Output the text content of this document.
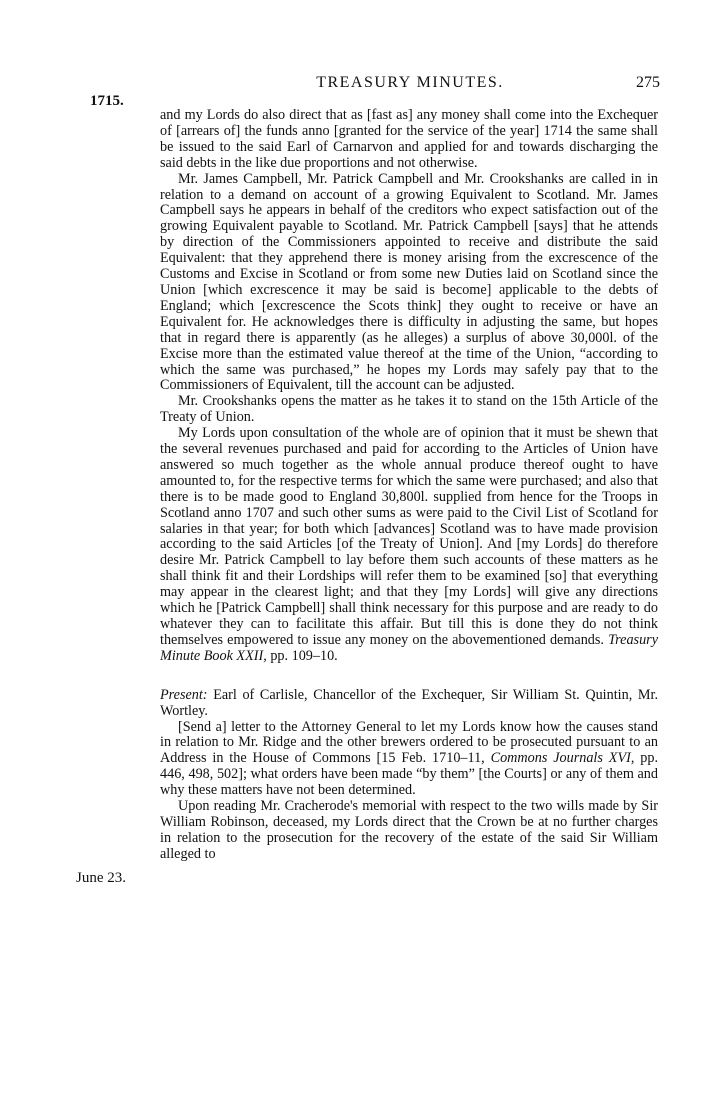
TREASURY MINUTES.	275
1715.

and my Lords do also direct that as [fast as] any money shall come into the Exchequer of [arrears of] the funds anno [granted for the service of the year] 1714 the same shall be issued to the said Earl of Carnarvon and applied for and towards discharging the said debts in the like due proportions and not otherwise.

Mr. James Campbell, Mr. Patrick Campbell and Mr. Crookshanks are called in in relation to a demand on account of a growing Equivalent to Scotland. Mr. James Campbell says he appears in behalf of the creditors who expect satisfaction out of the growing Equivalent payable to Scotland. Mr. Patrick Campbell [says] that he attends by direction of the Commissioners appointed to receive and distribute the said Equivalent: that they apprehend there is money arising from the excrescence of the Customs and Excise in Scotland or from some new Duties laid on Scotland since the Union [which excrescence it may be said is become] applicable to the debts of England; which [excrescence the Scots think] they ought to receive or have an Equivalent for. He acknowledges there is difficulty in adjusting the same, but hopes that in regard there is apparently (as he alleges) a surplus of above 30,000l. of the Excise more than the estimated value thereof at the time of the Union, “according to which the same was purchased,” he hopes my Lords may safely pay that to the Commissioners of Equivalent, till the account can be adjusted.

Mr. Crookshanks opens the matter as he takes it to stand on the 15th Article of the Treaty of Union.

My Lords upon consultation of the whole are of opinion that it must be shewn that the several revenues purchased and paid for according to the Articles of Union have answered so much together as the whole annual produce thereof ought to have amounted to, for the respective terms for which the same were purchased; and also that there is to be made good to England 30,800l. supplied from hence for the Troops in Scotland anno 1707 and such other sums as were paid to the Civil List of Scotland for salaries in that year; for both which [advances] Scotland was to have made provision according to the said Articles [of the Treaty of Union]. And [my Lords] do therefore desire Mr. Patrick Campbell to lay before them such accounts of these matters as he shall think fit and their Lordships will refer them to be examined [so] that everything may appear in the clearest light; and that they [my Lords] will give any directions which he [Patrick Campbell] shall think necessary for this purpose and are ready to do whatever they can to facilitate this affair. But till this is done they do not think themselves empowered to issue any money on the abovementioned demands. Treasury Minute Book XXII, pp. 109–10.

Present: Earl of Carlisle, Chancellor of the Exchequer, Sir William St. Quintin, Mr. Wortley.

[Send a] letter to the Attorney General to let my Lords know how the causes stand in relation to Mr. Ridge and the other brewers ordered to be prosecuted pursuant to an Address in the House of Commons [15 Feb. 1710–11, Commons Journals XVI, pp. 446, 498, 502]; what orders have been made “by them” [the Courts] or any of them and why these matters have not been determined.

Upon reading Mr. Cracherode's memorial with respect to the two wills made by Sir William Robinson, deceased, my Lords direct that the Crown be at no further charges in relation to the prosecution for the recovery of the estate of the said Sir William alleged to

June 23.
